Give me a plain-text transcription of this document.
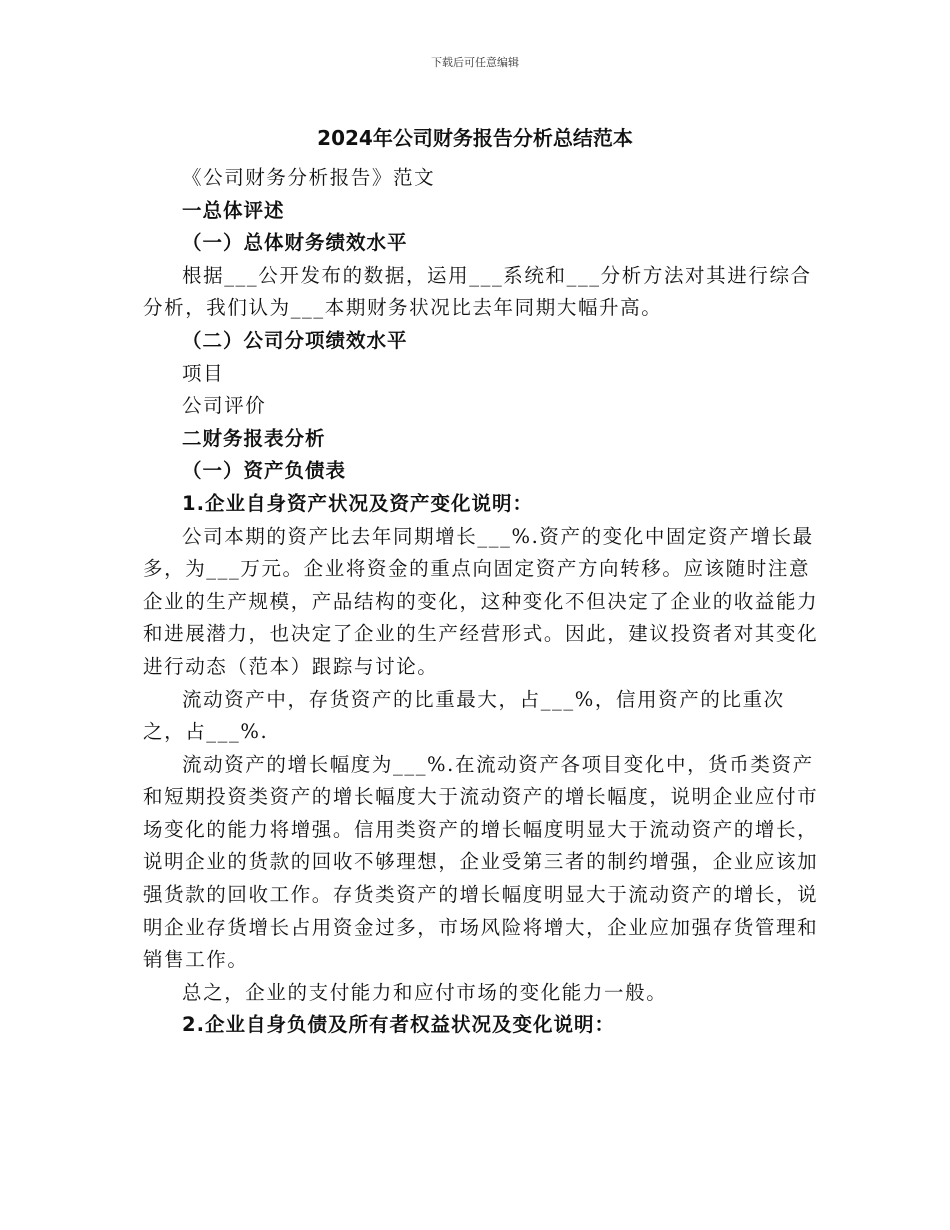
下载后可任意编辑
2024年公司财务报告分析总结范本

《公司财务分析报告》范文

一总体评述

（一）总体财务绩效水平

根据___公开发布的数据，运用___系统和___分析方法对其进行综合分析，我们认为___本期财务状况比去年同期大幅升高。

（二）公司分项绩效水平

项目

公司评价

二财务报表分析

（一）资产负债表

1.企业自身资产状况及资产变化说明：

公司本期的资产比去年同期增长___%.资产的变化中固定资产增长最多，为___万元。企业将资金的重点向固定资产方向转移。应该随时注意企业的生产规模，产品结构的变化，这种变化不但决定了企业的收益能力和进展潜力，也决定了企业的生产经营形式。因此，建议投资者对其变化进行动态（范本）跟踪与讨论。

流动资产中，存货资产的比重最大，占___%，信用资产的比重次之，占___%.

流动资产的增长幅度为___%.在流动资产各项目变化中，货币类资产和短期投资类资产的增长幅度大于流动资产的增长幅度，说明企业应付市场变化的能力将增强。信用类资产的增长幅度明显大于流动资产的增长，说明企业的货款的回收不够理想，企业受第三者的制约增强，企业应该加强货款的回收工作。存货类资产的增长幅度明显大于流动资产的增长，说明企业存货增长占用资金过多，市场风险将增大，企业应加强存货管理和销售工作。

总之，企业的支付能力和应付市场的变化能力一般。

2.企业自身负债及所有者权益状况及变化说明：
